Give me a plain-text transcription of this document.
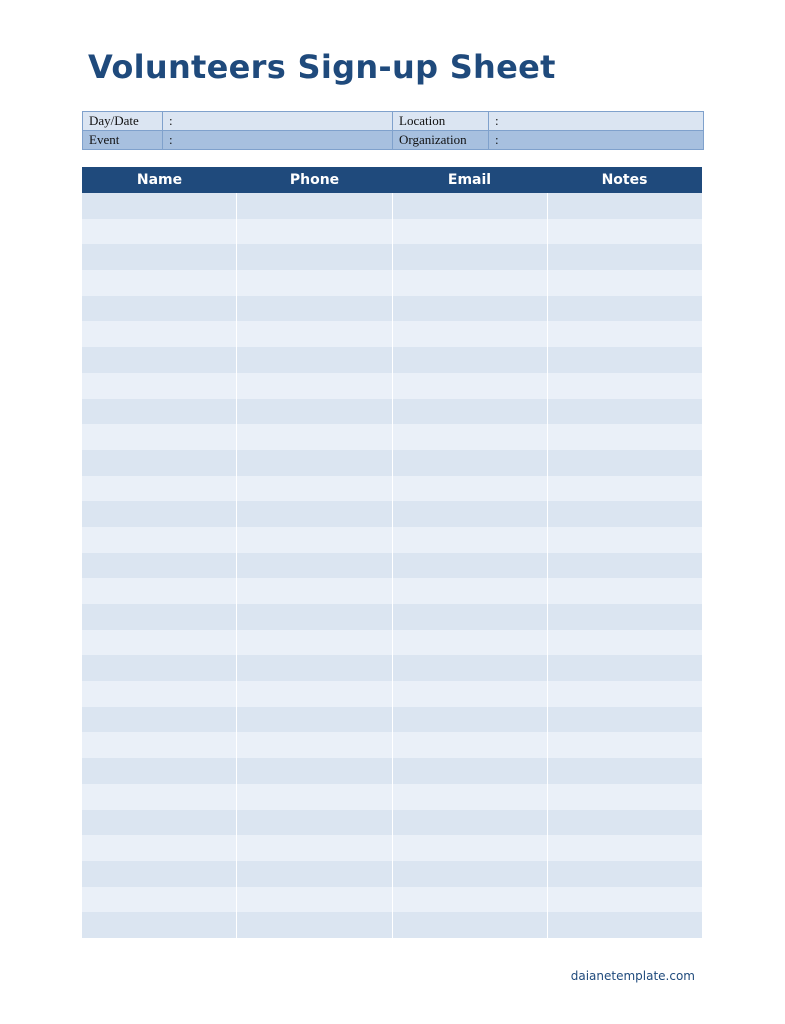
Volunteers Sign-up Sheet
Day/Date	:	Location	:
Event	:	Organization	:
Name	Phone	Email	Notes
daianetemplate.com
